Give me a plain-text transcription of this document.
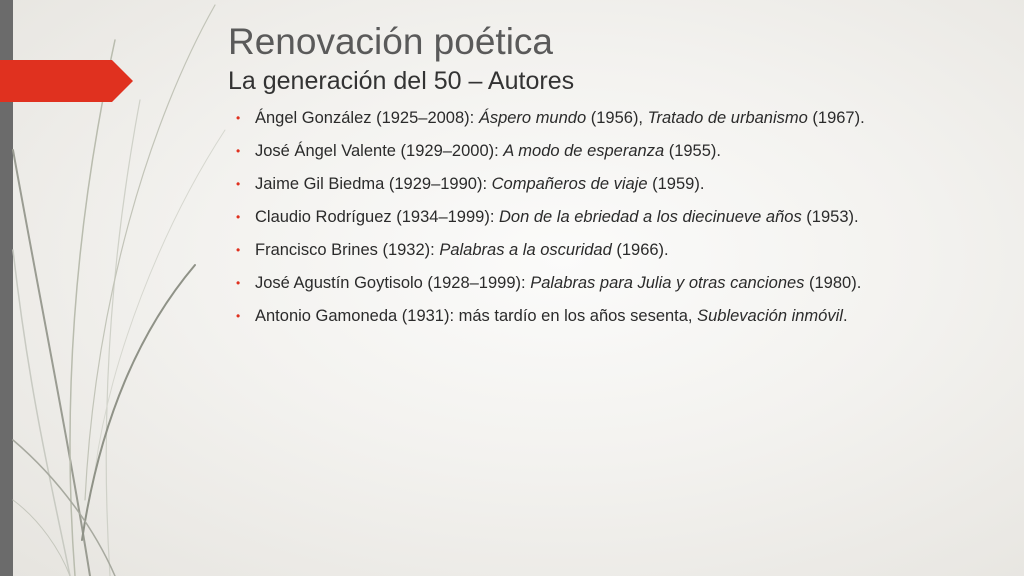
Renovación poética
La generación del 50 – Autores
• Ángel González (1925–2008): Áspero mundo (1956), Tratado de urbanismo (1967).
• José Ángel Valente (1929–2000): A modo de esperanza (1955).
• Jaime Gil Biedma (1929–1990): Compañeros de viaje (1959).
• Claudio Rodríguez (1934–1999): Don de la ebriedad a los diecinueve años (1953).
• Francisco Brines (1932): Palabras a la oscuridad (1966).
• José Agustín Goytisolo (1928–1999): Palabras para Julia y otras canciones (1980).
• Antonio Gamoneda (1931): más tardío en los años sesenta, Sublevación inmóvil.
